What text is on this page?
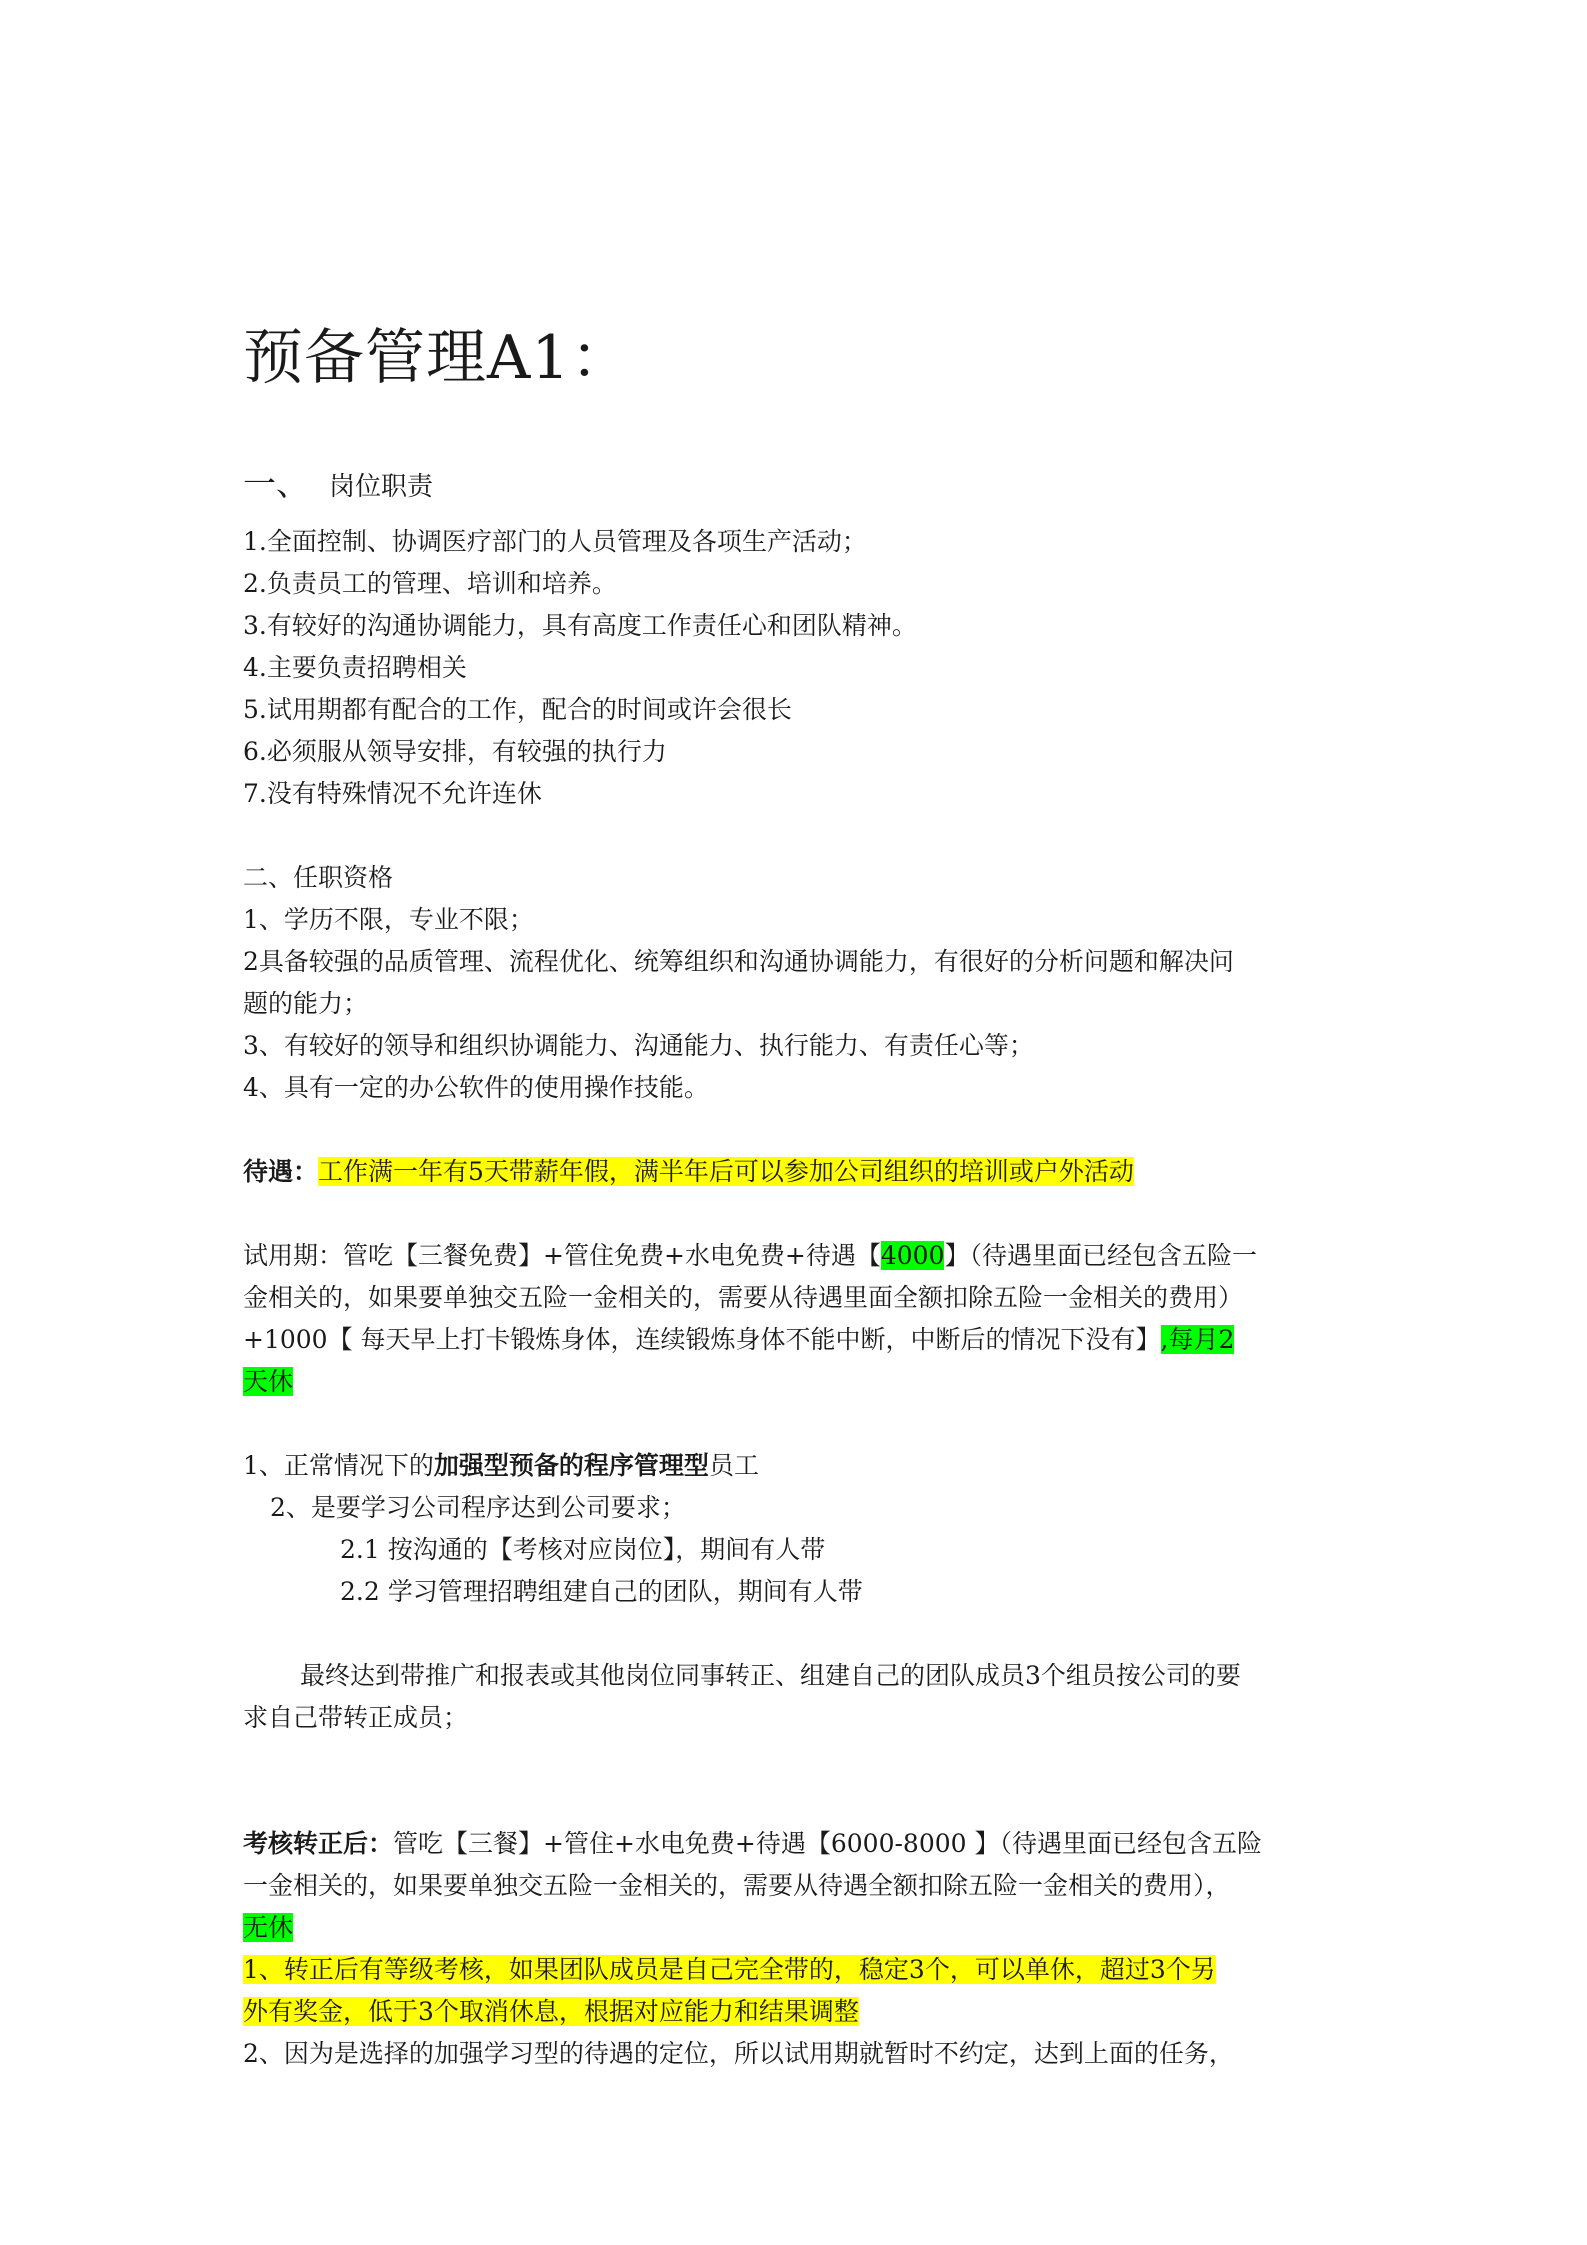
预备管理A1：
一、 岗位职责
1.全面控制、协调医疗部门的人员管理及各项生产活动；
2.负责员工的管理、培训和培养。
3.有较好的沟通协调能力，具有高度工作责任心和团队精神。
4.主要负责招聘相关
5.试用期都有配合的工作，配合的时间或许会很长
6.必须服从领导安排，有较强的执行力
7.没有特殊情况不允许连休
二、任职资格
1、学历不限，专业不限；
2具备较强的品质管理、流程优化、统筹组织和沟通协调能力，有很好的分析问题和解决问
题的能力；
3、有较好的领导和组织协调能力、沟通能力、执行能力、有责任心等；
4、具有一定的办公软件的使用操作技能。
待遇：工作满一年有5天带薪年假，满半年后可以参加公司组织的培训或户外活动
试用期：管吃【三餐免费】+管住免费+水电免费+待遇【4000】（待遇里面已经包含五险一
金相关的，如果要单独交五险一金相关的，需要从待遇里面全额扣除五险一金相关的费用）
+1000【 每天早上打卡锻炼身体，连续锻炼身体不能中断，中断后的情况下没有】,每月2
天休
1、正常情况下的加强型预备的程序管理型员工
2、是要学习公司程序达到公司要求；
2.1 按沟通的【考核对应岗位】，期间有人带
2.2 学习管理招聘组建自己的团队，期间有人带
最终达到带推广和报表或其他岗位同事转正、组建自己的团队成员3个组员按公司的要
求自己带转正成员；
考核转正后：管吃【三餐】+管住+水电免费+待遇【6000-8000 】（待遇里面已经包含五险
一金相关的，如果要单独交五险一金相关的，需要从待遇全额扣除五险一金相关的费用），
无休
1、转正后有等级考核，如果团队成员是自己完全带的，稳定3个，可以单休，超过3个另
外有奖金，低于3个取消休息，根据对应能力和结果调整
2、因为是选择的加强学习型的待遇的定位，所以试用期就暂时不约定，达到上面的任务，
